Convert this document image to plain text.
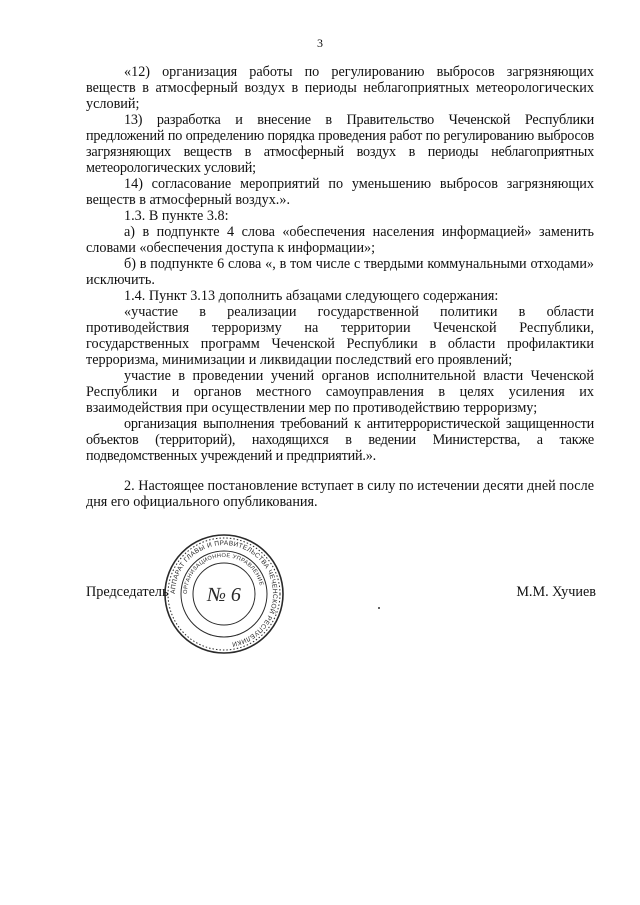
3

«12) организация работы по регулированию выбросов загрязняющих веществ в атмосферный воздух в периоды неблагоприятных метеорологических условий;

13) разработка и внесение в Правительство Чеченской Республики предложений по определению порядка проведения работ по регулированию выбросов загрязняющих веществ в атмосферный воздух в периоды неблагоприятных метеорологических условий;

14) согласование мероприятий по уменьшению выбросов загрязняющих веществ в атмосферный воздух.».

1.3. В пункте 3.8:

а) в подпункте 4 слова «обеспечения населения информацией» заменить словами «обеспечения доступа к информации»;

б) в подпункте 6 слова «, в том числе с твердыми коммунальными отходами» исключить.

1.4. Пункт 3.13 дополнить абзацами следующего содержания:

«участие в реализации государственной политики в области противодействия терроризму на территории Чеченской Республики, государственных программ Чеченской Республики в области профилактики терроризма, минимизации и ликвидации последствий его проявлений;

участие в проведении учений органов исполнительной власти Чеченской Республики и органов местного самоуправления в целях усиления их взаимодействия при осуществлении мер по противодействию терроризму;

организация выполнения требований к антитеррористической защищенности объектов (территорий), находящихся в ведении Министерства, а также подведомственных учреждений и предприятий.».

2. Настоящее постановление вступает в силу по истечении десяти дней после дня его официального опубликования.

АППАРАТ ГЛАВЫ И ПРАВИТЕЛЬСТВА ЧЕЧЕНСКОЙ РЕСПУБЛИКИ
ОРГАНИЗАЦИОННОЕ УПРАВЛЕНИЕ
№ 6
Председатель	М.М. Хучиев
